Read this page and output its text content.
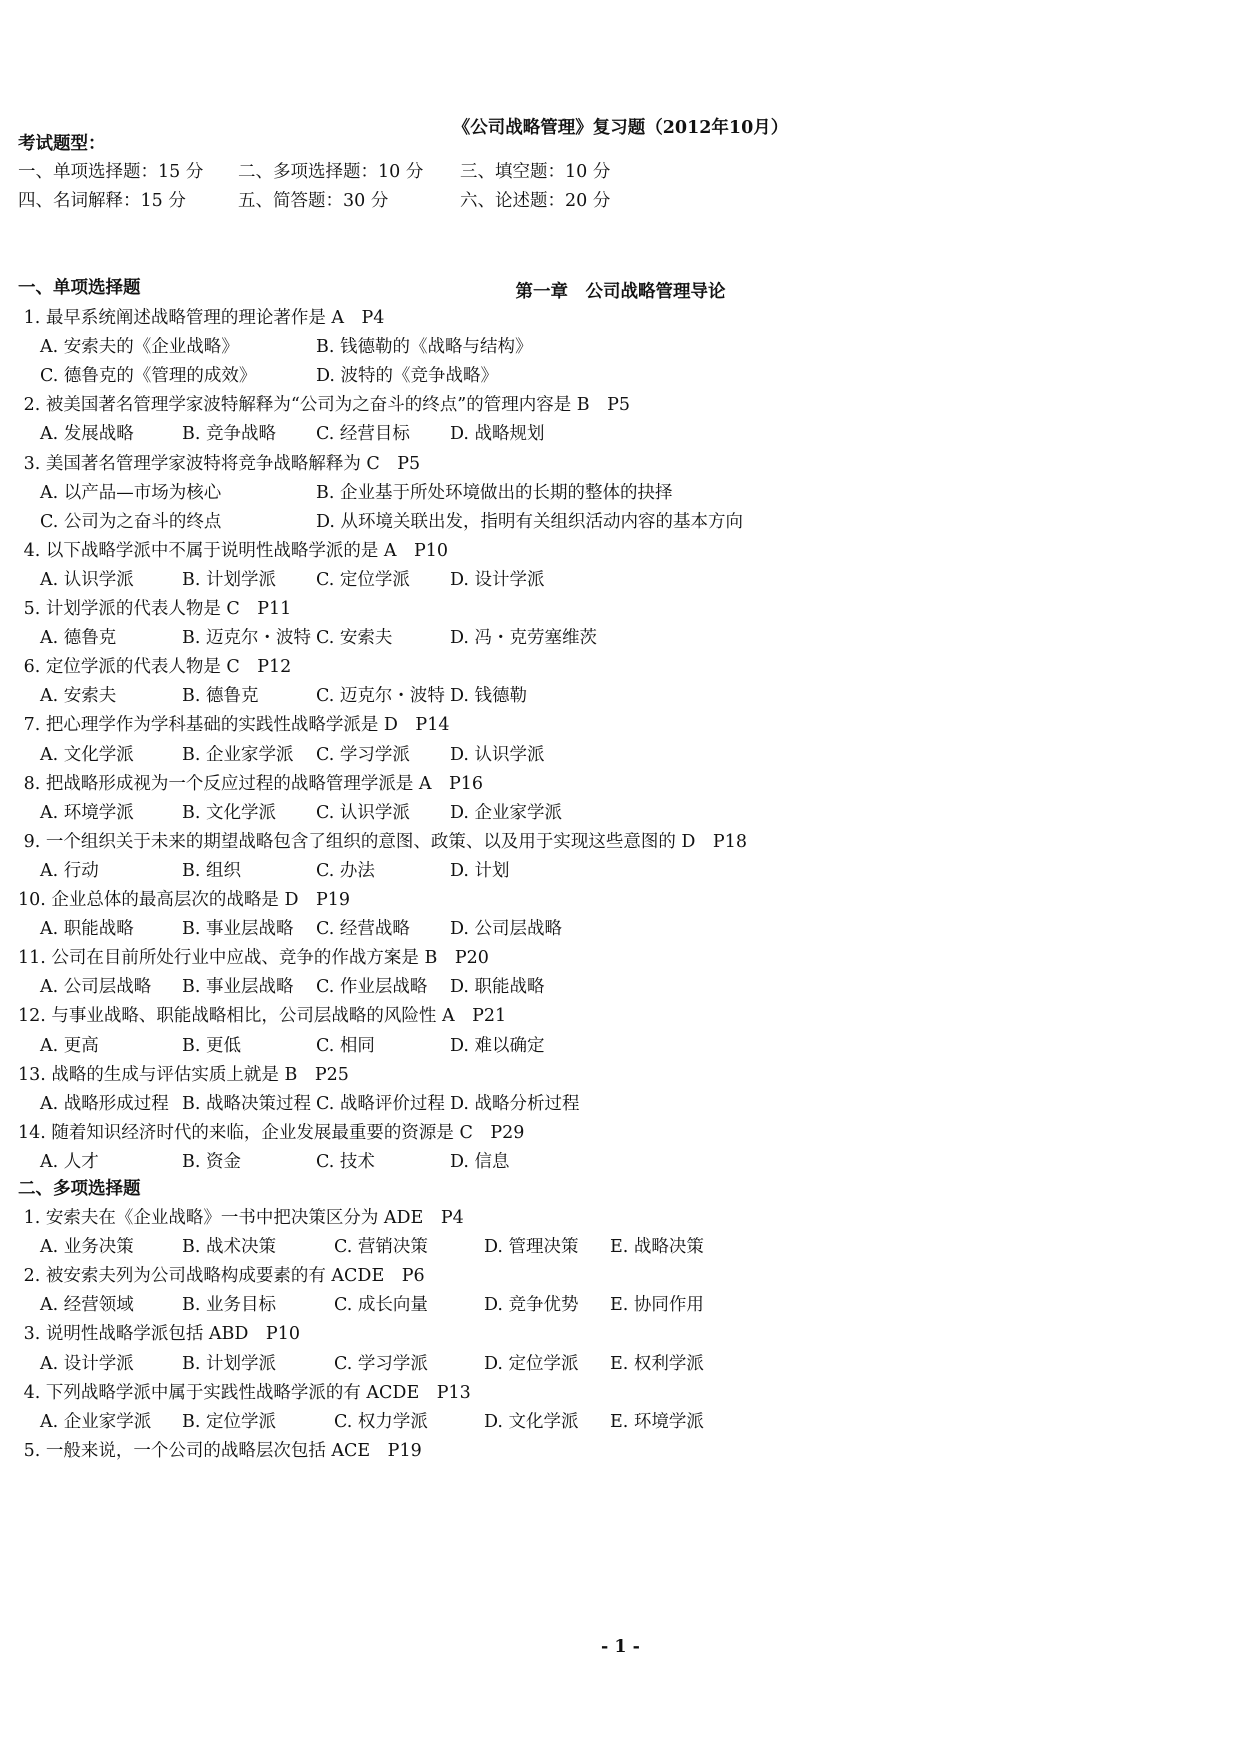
《公司战略管理》复习题（2012年10月）
考试题型：
一、单项选择题：15 分 二、多项选择题：10 分 三、填空题：10 分
四、名词解释：15 分	五、简答题：30 分	六、论述题：20 分
第一章　公司战略管理导论
一、单项选择题
1. 最早系统阐述战略管理的理论著作是 A　P4
A. 安索夫的《企业战略》	B. 钱德勒的《战略与结构》
C. 德鲁克的《管理的成效》	D. 波特的《竞争战略》
2. 被美国著名管理学家波特解释为“公司为之奋斗的终点”的管理内容是 B　P5
A. 发展战略	B. 竞争战略 C. 经营目标 D. 战略规划
3. 美国著名管理学家波特将竞争战略解释为 C　P5
A. 以产品—市场为核心	B. 企业基于所处环境做出的长期的整体的抉择
C. 公司为之奋斗的终点	D. 从环境关联出发，指明有关组织活动内容的基本方向
4. 以下战略学派中不属于说明性战略学派的是 A　P10
A. 认识学派	B. 计划学派 C. 定位学派 D. 设计学派
5. 计划学派的代表人物是 C　P11
A. 德鲁克	B. 迈克尔・波特 C. 安索夫	D. 冯・克劳塞维茨
6. 定位学派的代表人物是 C　P12
A. 安索夫	B. 德鲁克	C. 迈克尔・波特 D. 钱德勒
7. 把心理学作为学科基础的实践性战略学派是 D　P14
A. 文化学派	B. 企业家学派 C. 学习学派 D. 认识学派
8. 把战略形成视为一个反应过程的战略管理学派是 A　P16
A. 环境学派	B. 文化学派 C. 认识学派 D. 企业家学派
9. 一个组织关于未来的期望战略包含了组织的意图、政策、以及用于实现这些意图的 D　P18
A. 行动	B. 组织	C. 办法	D. 计划
10. 企业总体的最高层次的战略是 D　P19
A. 职能战略	B. 事业层战略 C. 经营战略 D. 公司层战略
11. 公司在目前所处行业中应战、竞争的作战方案是 B　P20
A. 公司层战略 B. 事业层战略 C. 作业层战略 D. 职能战略
12. 与事业战略、职能战略相比，公司层战略的风险性 A　P21
A. 更高	B. 更低	C. 相同	D. 难以确定
13. 战略的生成与评估实质上就是 B　P25
A. 战略形成过程 B. 战略决策过程 C. 战略评价过程 D. 战略分析过程
14. 随着知识经济时代的来临，企业发展最重要的资源是 C　P29
A. 人才	B. 资金	C. 技术	D. 信息
二、多项选择题
1. 安索夫在《企业战略》一书中把决策区分为 ADE　P4
A. 业务决策	B. 战术决策	C. 营销决策	D. 管理决策 E. 战略决策
2. 被安索夫列为公司战略构成要素的有 ACDE　P6
A. 经营领域	B. 业务目标	C. 成长向量	D. 竞争优势 E. 协同作用
3. 说明性战略学派包括 ABD　P10
A. 设计学派	B. 计划学派	C. 学习学派	D. 定位学派 E. 权利学派
4. 下列战略学派中属于实践性战略学派的有 ACDE　P13
A. 企业家学派 B. 定位学派	C. 权力学派	D. 文化学派 E. 环境学派
5. 一般来说，一个公司的战略层次包括 ACE　P19
- 1 -
